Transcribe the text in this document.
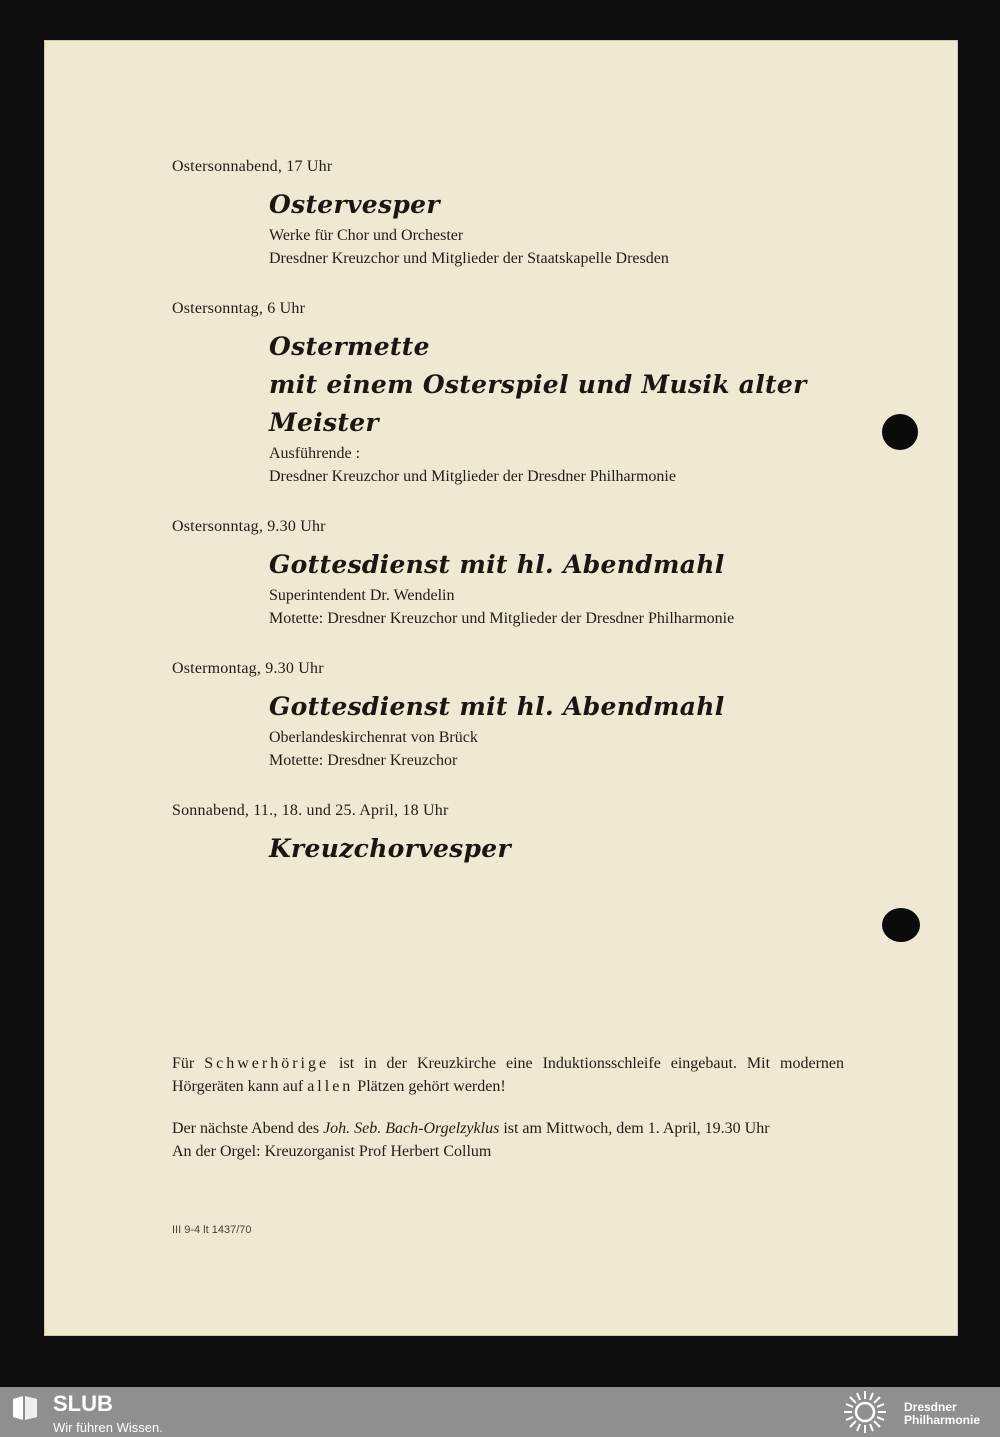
Ostersonnabend, 17 Uhr
Ostervesper
Werke für Chor und Orchester
Dresdner Kreuzchor und Mitglieder der Staatskapelle Dresden
Ostersonntag, 6 Uhr
Ostermette
mit einem Osterspiel und Musik alter Meister
Ausführende :
Dresdner Kreuzchor und Mitglieder der Dresdner Philharmonie
Ostersonntag, 9.30 Uhr
Gottesdienst mit hl. Abendmahl
Superintendent Dr. Wendelin
Motette: Dresdner Kreuzchor und Mitglieder der Dresdner Philharmonie
Ostermontag, 9.30 Uhr
Gottesdienst mit hl. Abendmahl
Oberlandeskirchenrat von Brück
Motette: Dresdner Kreuzchor
Sonnabend, 11., 18. und 25. April, 18 Uhr
Kreuzchorvesper

Für Schwerhörige ist in der Kreuzkirche eine Induktionsschleife eingebaut. Mit modernen Hörgeräten kann auf allen Plätzen gehört werden!

Der nächste Abend des Joh. Seb. Bach-Orgelzyklus ist am Mittwoch, dem 1. April, 19.30 Uhr
An der Orgel: Kreuzorganist Prof Herbert Collum

III 9-4 lt 1437/70
SLUB
Wir führen Wissen.
Dresdner
Philharmonie
